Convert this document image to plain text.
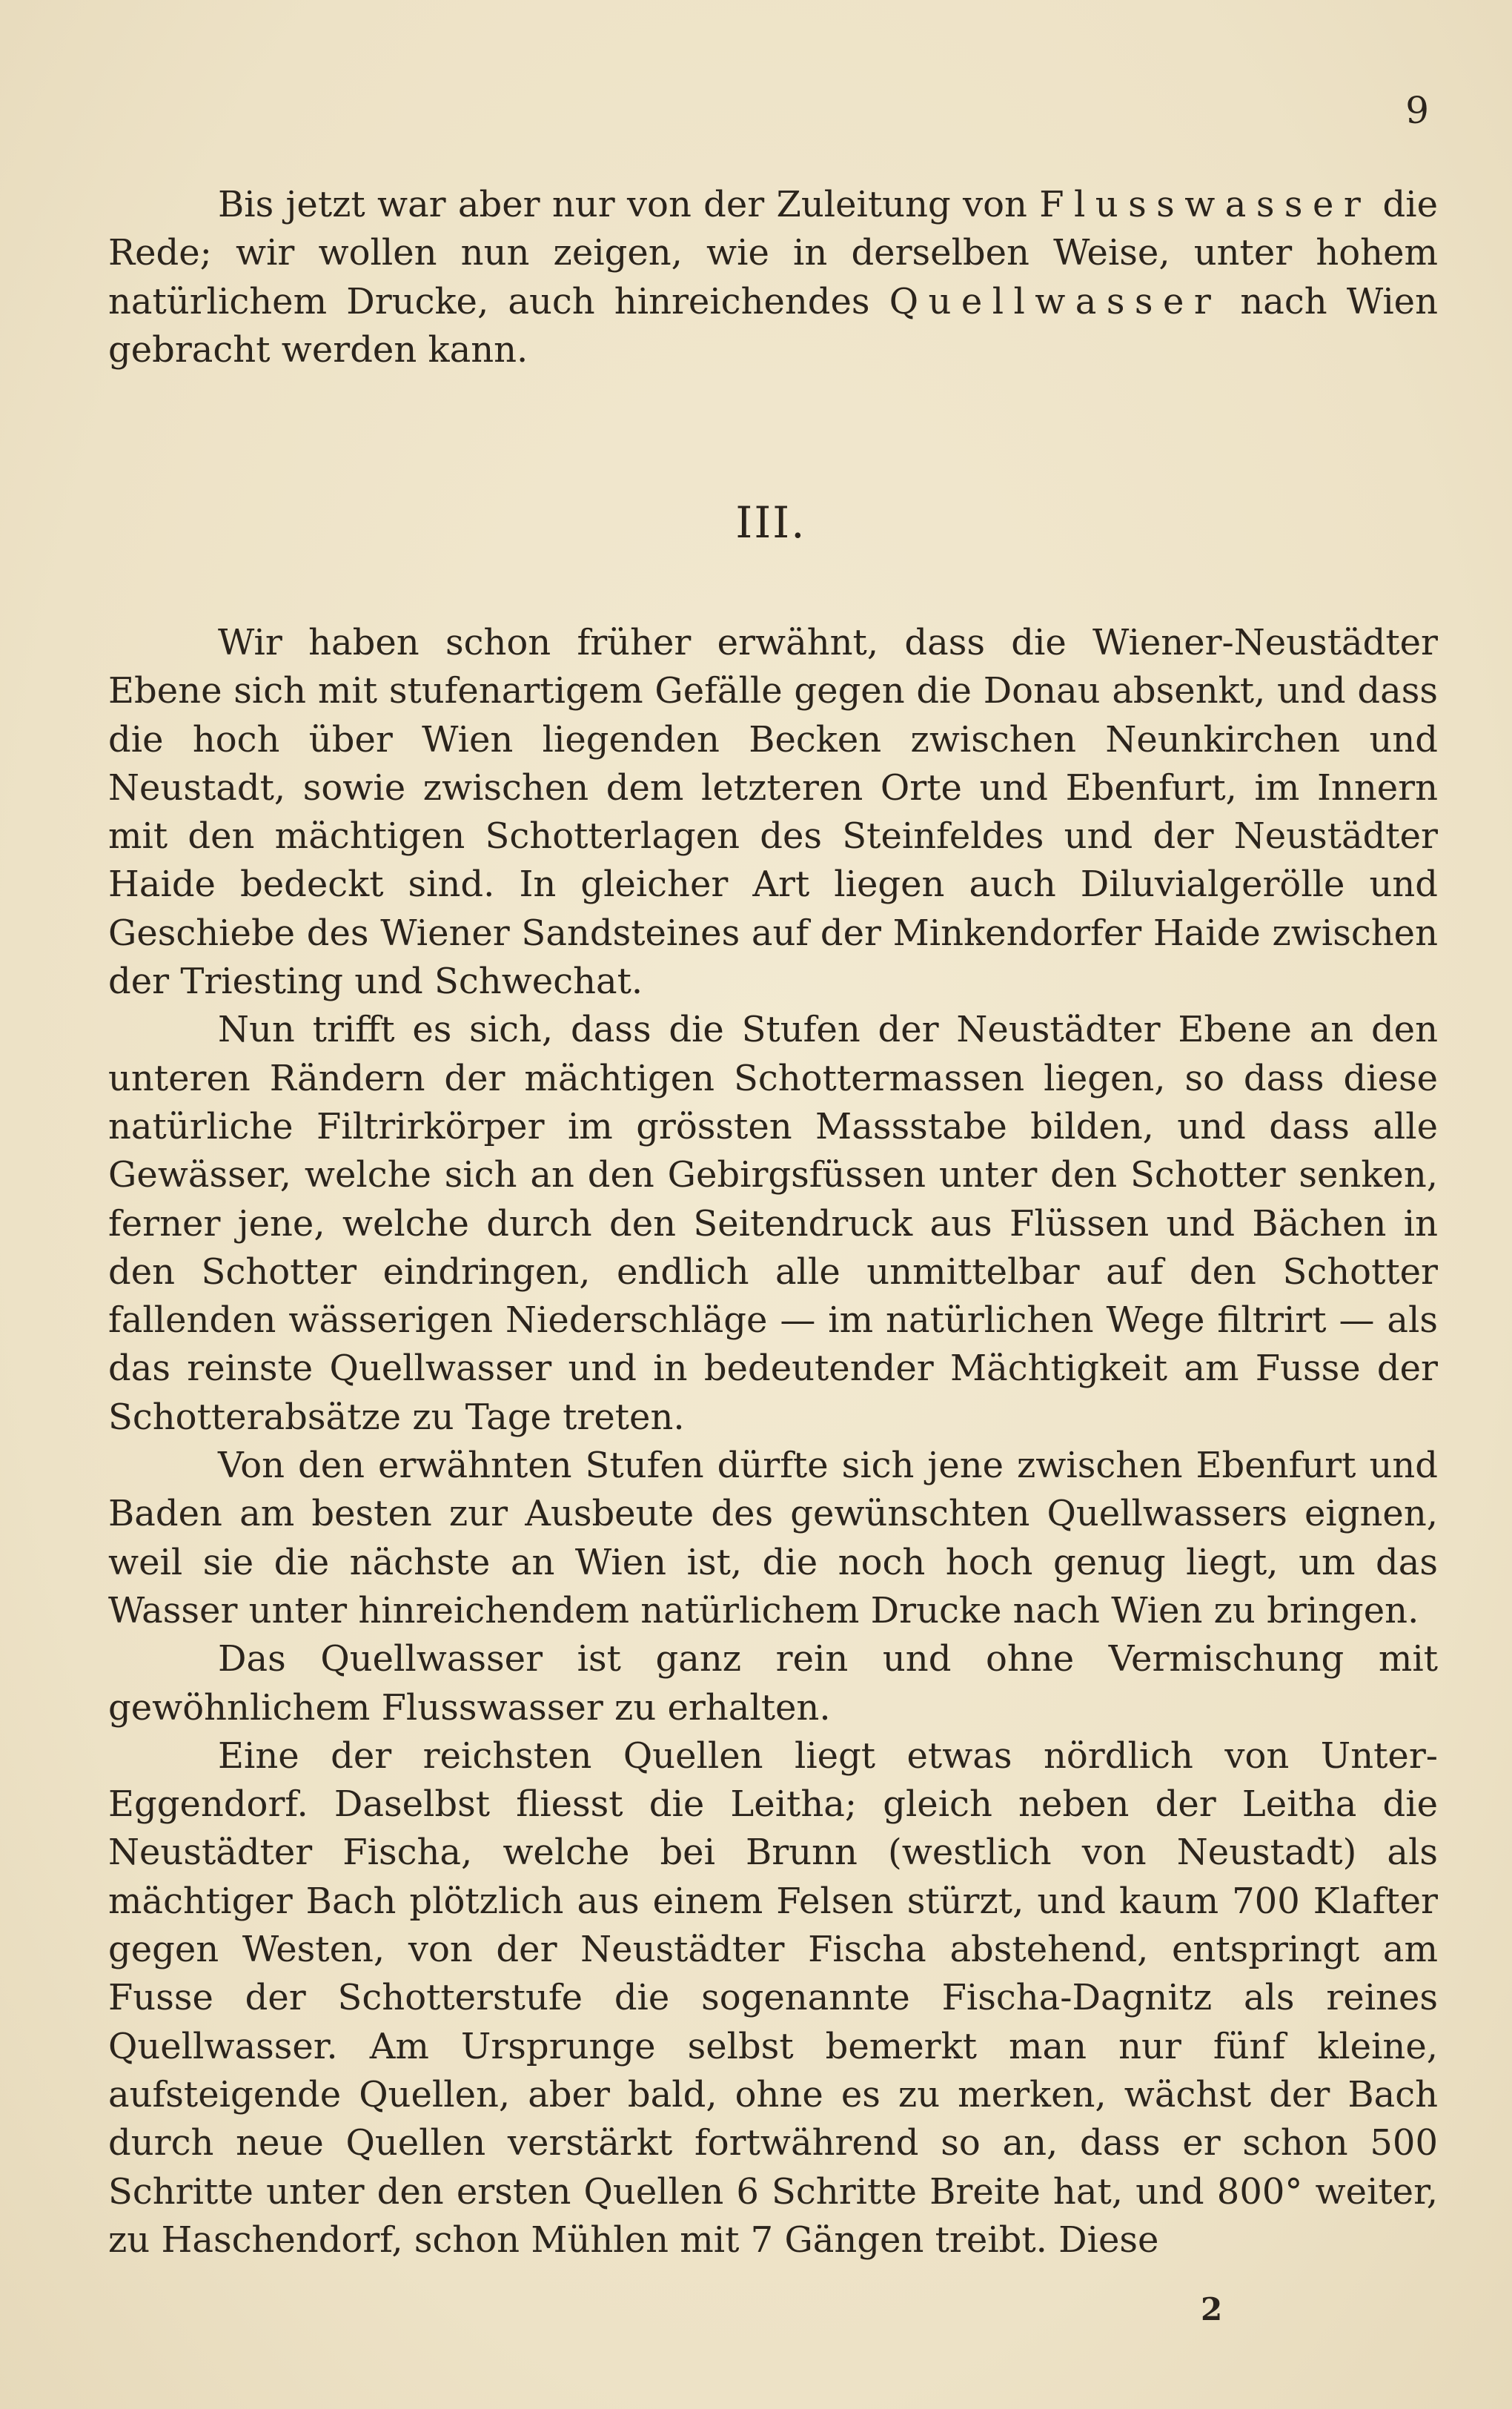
9

Bis jetzt war aber nur von der Zuleitung von Flusswasser die Rede; wir wollen nun zeigen, wie in derselben Weise, unter hohem natürlichem Drucke, auch hinreichendes Quellwasser nach Wien gebracht werden kann.

III.

Wir haben schon früher erwähnt, dass die Wiener-Neustädter Ebene sich mit stufenartigem Gefälle gegen die Donau absenkt, und dass die hoch über Wien liegenden Becken zwischen Neunkirchen und Neustadt, sowie zwischen dem letzteren Orte und Ebenfurt, im Innern mit den mächtigen Schotterlagen des Steinfeldes und der Neustädter Haide bedeckt sind. In gleicher Art liegen auch Diluvialgerölle und Geschiebe des Wiener Sandsteines auf der Minkendorfer Haide zwischen der Triesting und Schwechat.

Nun trifft es sich, dass die Stufen der Neustädter Ebene an den unteren Rändern der mächtigen Schottermassen liegen, so dass diese natürliche Filtrirkörper im grössten Massstabe bilden, und dass alle Gewässer, welche sich an den Gebirgsfüssen unter den Schotter senken, ferner jene, welche durch den Seitendruck aus Flüssen und Bächen in den Schotter eindringen, endlich alle unmittelbar auf den Schotter fallenden wässerigen Niederschläge — im natürlichen Wege filtrirt — als das reinste Quellwasser und in bedeutender Mächtigkeit am Fusse der Schotterabsätze zu Tage treten.

Von den erwähnten Stufen dürfte sich jene zwischen Ebenfurt und Baden am besten zur Ausbeute des gewünschten Quellwassers eignen, weil sie die nächste an Wien ist, die noch hoch genug liegt, um das Wasser unter hinreichendem natürlichem Drucke nach Wien zu bringen.

Das Quellwasser ist ganz rein und ohne Vermischung mit gewöhnlichem Flusswasser zu erhalten.

Eine der reichsten Quellen liegt etwas nördlich von Unter-Eggendorf. Daselbst fliesst die Leitha; gleich neben der Leitha die Neustädter Fischa, welche bei Brunn (westlich von Neustadt) als mächtiger Bach plötzlich aus einem Felsen stürzt, und kaum 700 Klafter gegen Westen, von der Neustädter Fischa abstehend, entspringt am Fusse der Schotterstufe die sogenannte Fischa-Dagnitz als reines Quellwasser. Am Ursprunge selbst bemerkt man nur fünf kleine, aufsteigende Quellen, aber bald, ohne es zu merken, wächst der Bach durch neue Quellen verstärkt fortwährend so an, dass er schon 500 Schritte unter den ersten Quellen 6 Schritte Breite hat, und 800° weiter, zu Haschendorf, schon Mühlen mit 7 Gängen treibt. Diese

2
